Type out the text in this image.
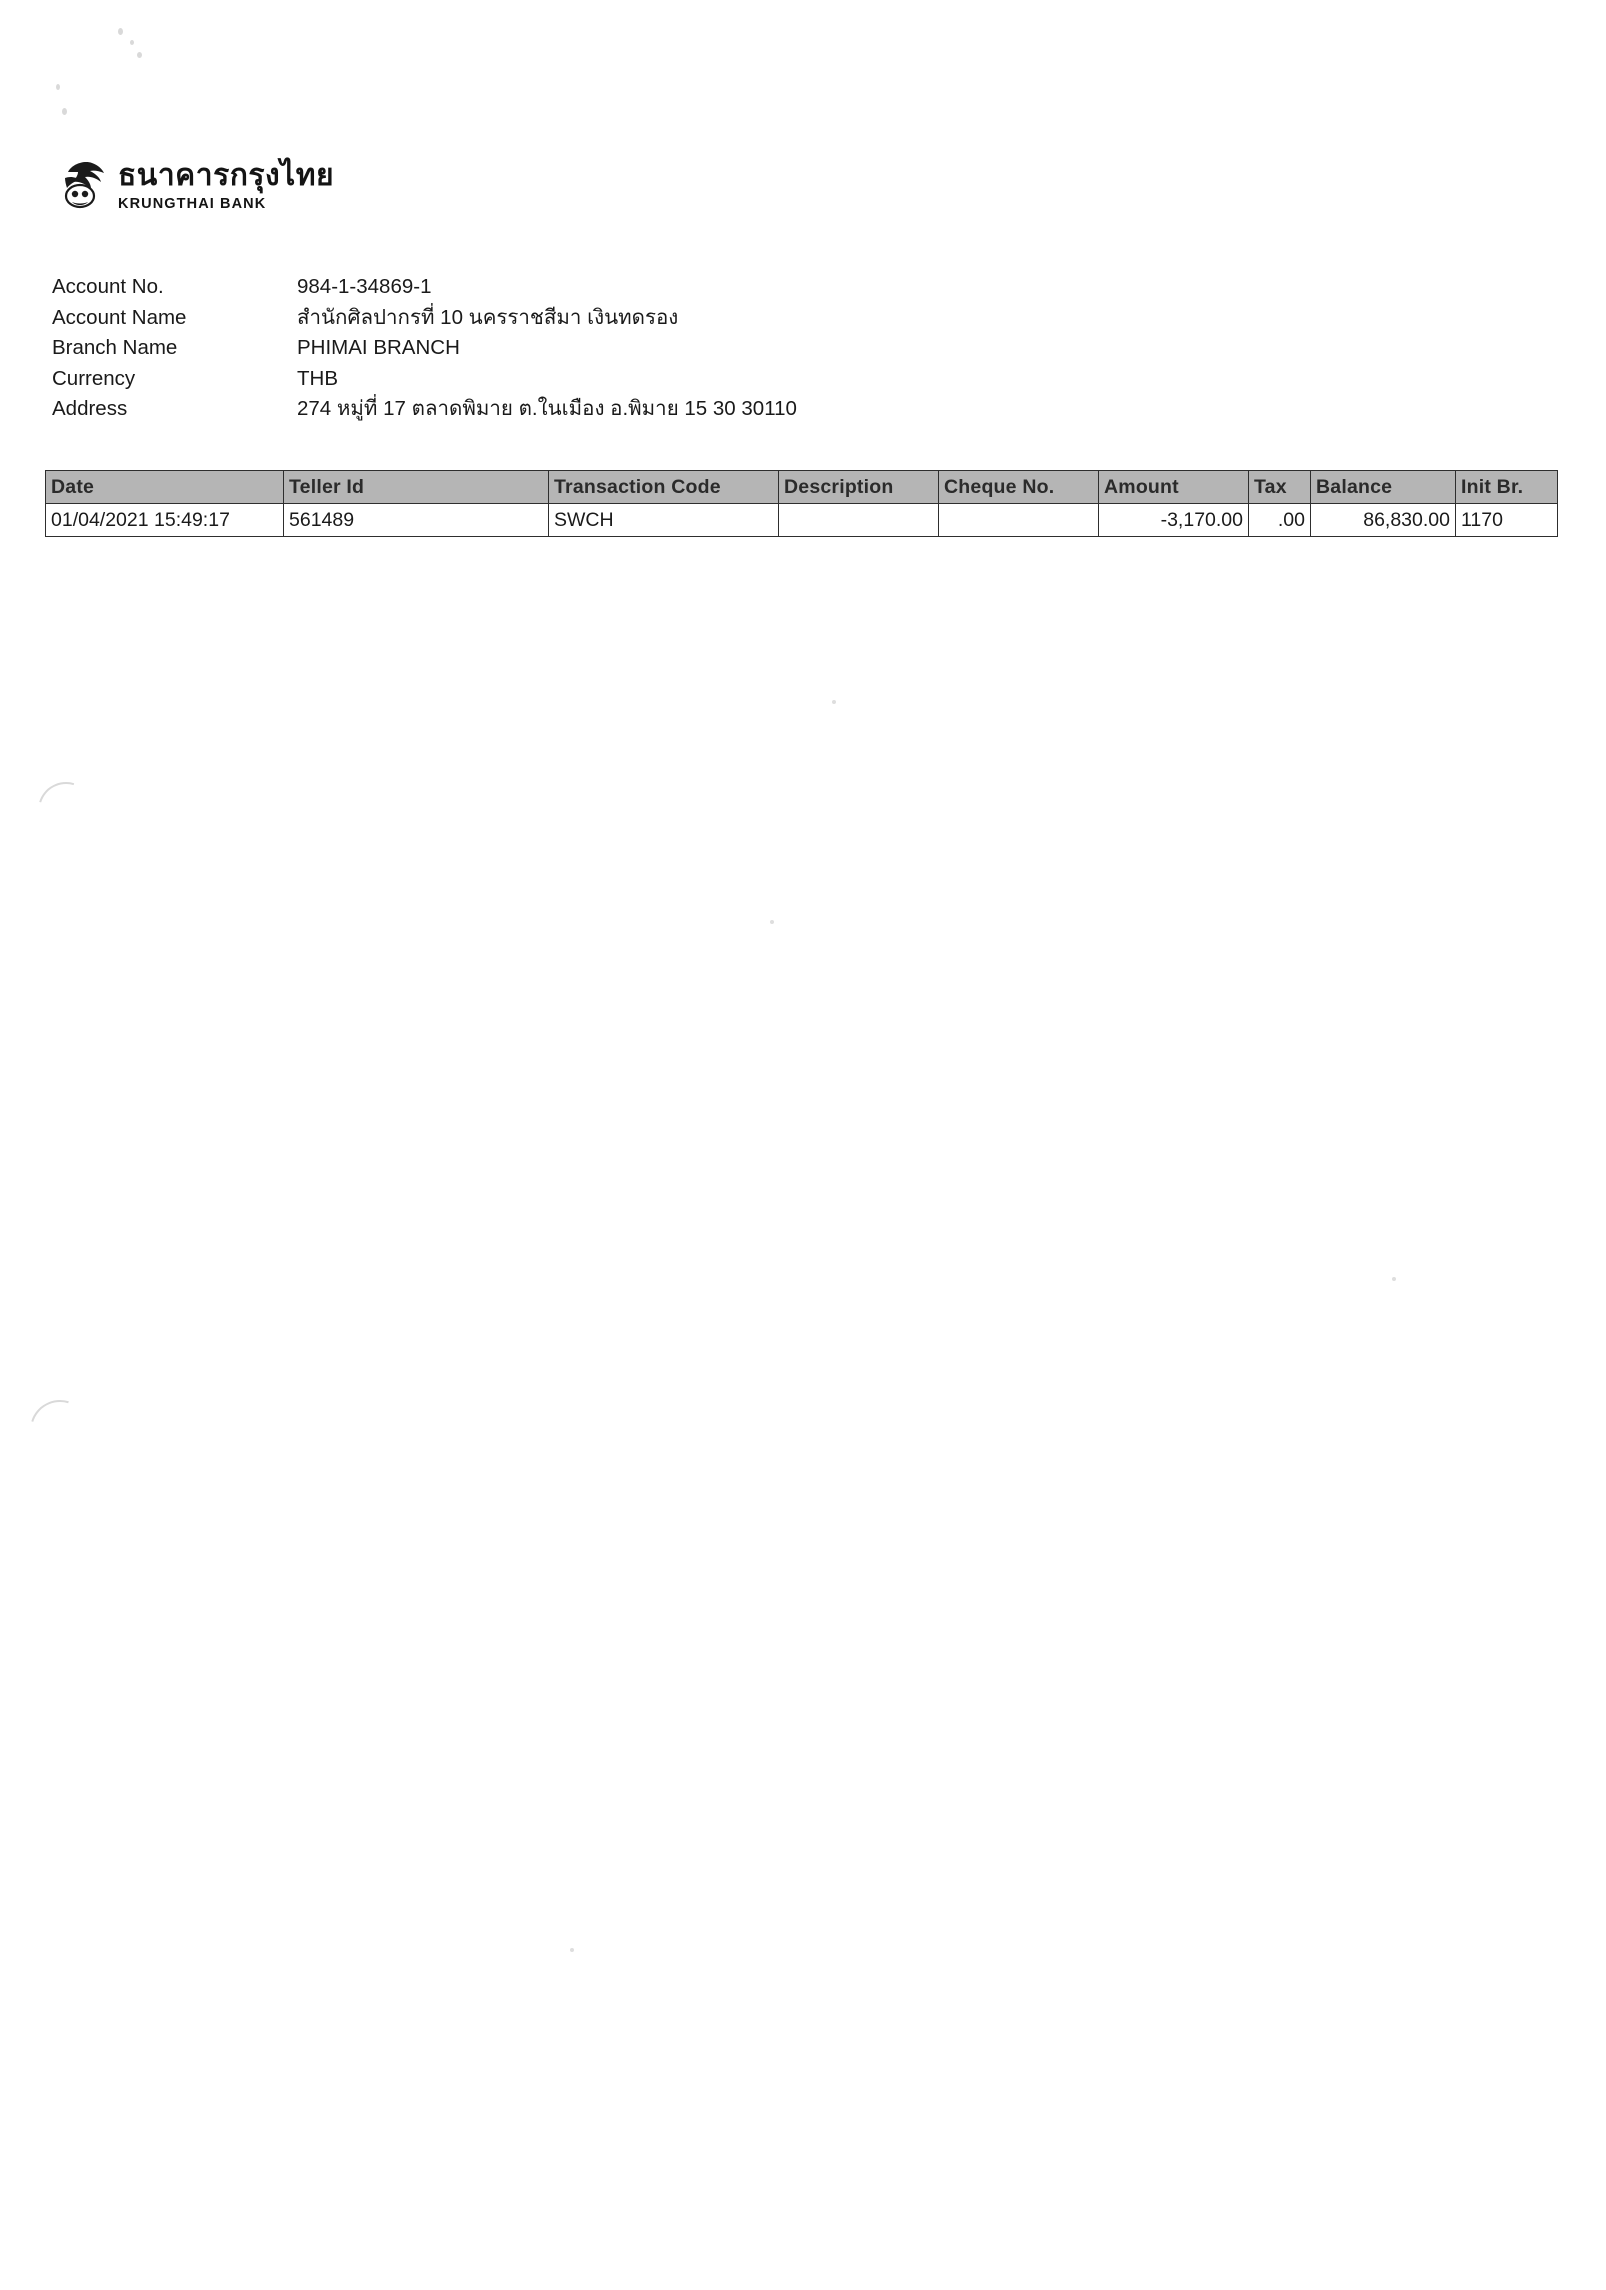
ธนาคารกรุงไทย
KRUNGTHAI BANK
Account No.	984-1-34869-1
Account Name	สำนักศิลปากรที่ 10 นครราชสีมา เงินทดรอง
Branch Name	PHIMAI BRANCH
Currency	THB
Address	274 หมู่ที่ 17 ตลาดพิมาย ต.ในเมือง อ.พิมาย 15 30 30110
Date	Teller Id	Transaction Code	Description	Cheque No.	Amount	Tax	Balance	Init Br.
01/04/2021 15:49:17	561489	SWCH			-3,170.00	.00	86,830.00	1170
